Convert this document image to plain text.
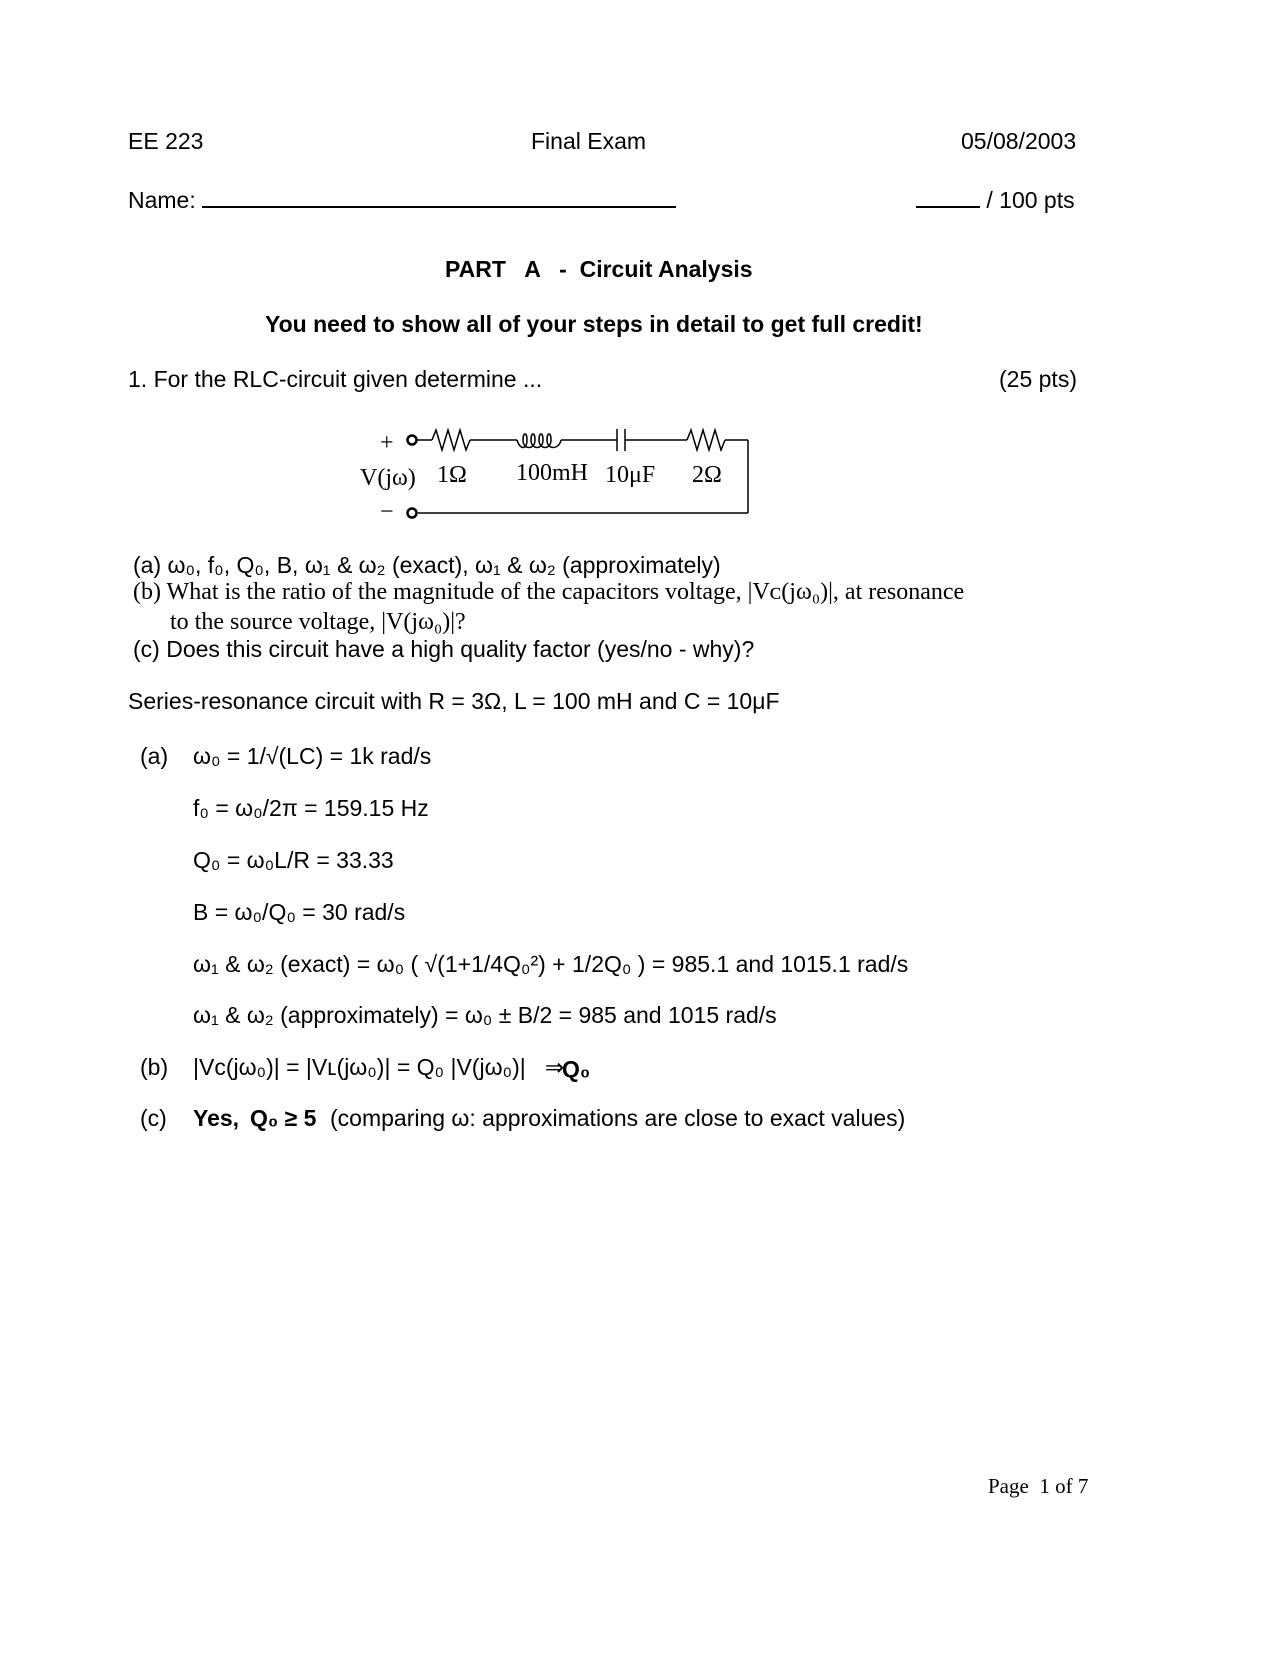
EE 223	Final Exam	05/08/2003
Name:	/ 100 pts
PART   A   -  Circuit Analysis
You need to show all of your steps in detail to get full credit!
1. For the RLC-circuit given determine ...	(25 pts)
+
−
V(jω) 1Ω 100mH 10μF 2Ω
(a) ω₀, f₀, Q₀, B, ω₁ & ω₂ (exact), ω₁ & ω₂ (approximately)
(b) What is the ratio of the magnitude of the capacitors voltage, |Vᴄ(jω₀)|, at resonance
to the source voltage, |V(jω₀)|?
(c) Does this circuit have a high quality factor (yes/no - why)?
Series-resonance circuit with R = 3Ω, L = 100 mH and C = 10μF
(a) ω₀ = 1/√(LC) = 1k rad/s
f₀ = ω₀/2π = 159.15 Hz
Q₀ = ω₀L/R = 33.33
B = ω₀/Q₀ = 30 rad/s
ω₁ & ω₂ (exact) = ω₀ ( √(1+1/4Q₀²) + 1/2Q₀ ) = 985.1 and 1015.1 rad/s
ω₁ & ω₂ (approximately) = ω₀ ± B/2 = 985 and 1015 rad/s
(b) |Vᴄ(jω₀)| = |Vʟ(jω₀)| = Q₀ |V(jω₀)|   ⇒
Q₀
(c) Yes, Q₀ ≥ 5 (comparing ω: approximations are close to exact values)
Page  1 of 7
